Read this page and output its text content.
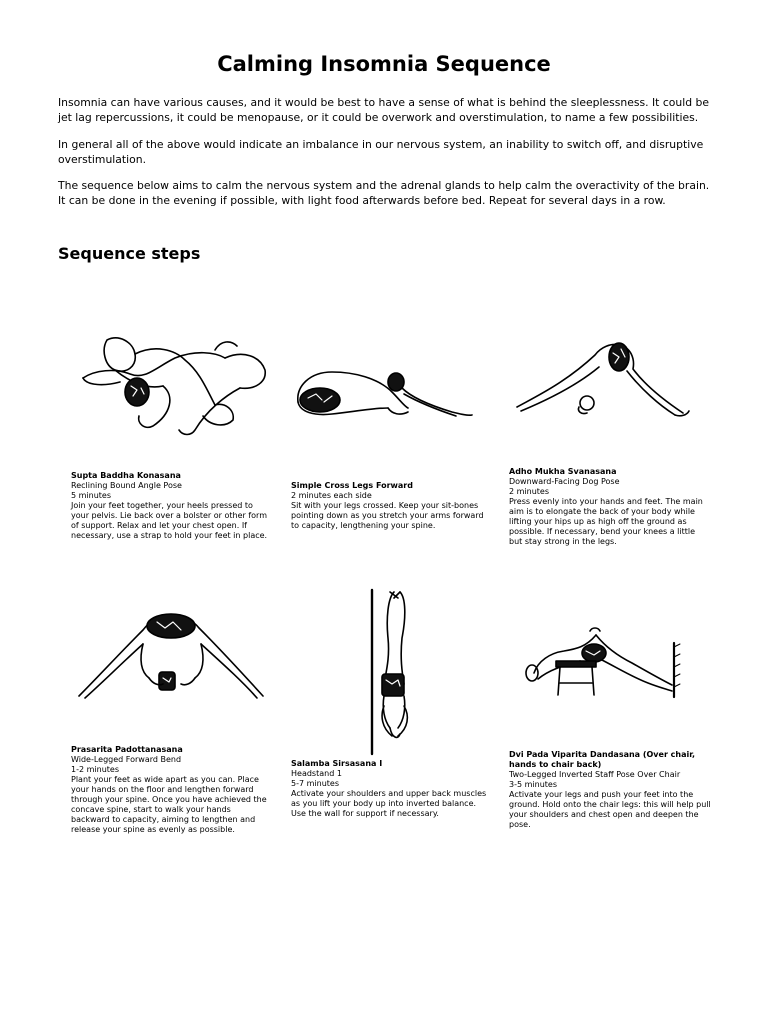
Calming Insomnia Sequence

Insomnia can have various causes, and it would be best to have a sense of what is behind the sleeplessness. It could be jet lag repercussions, it could be menopause, or it could be overwork and overstimulation, to name a few possibilities.

In general all of the above would indicate an imbalance in our nervous system, an inability to switch off, and disruptive overstimulation.

The sequence below aims to calm the nervous system and the adrenal glands to help calm the overactivity of the brain. It can be done in the evening if possible, with light food afterwards before bed. Repeat for several days in a row.

Sequence steps
Supta Baddha Konasana
Reclining Bound Angle Pose
5 minutes
Join your feet together, your heels pressed to your pelvis. Lie back over a bolster or other form of support. Relax and let your chest open. If necessary, use a strap to hold your feet in place.
Simple Cross Legs Forward
2 minutes each side
Sit with your legs crossed. Keep your sit-bones pointing down as you stretch your arms forward to capacity, lengthening your spine.
Adho Mukha Svanasana
Downward-Facing Dog Pose
2 minutes
Press evenly into your hands and feet. The main aim is to elongate the back of your body while lifting your hips up as high off the ground as possible. If necessary, bend your knees a little but stay strong in the legs.
Prasarita Padottanasana
Wide-Legged Forward Bend
1-2 minutes
Plant your feet as wide apart as you can. Place your hands on the floor and lengthen forward through your spine. Once you have achieved the concave spine, start to walk your hands backward to capacity, aiming to lengthen and release your spine as evenly as possible.
Salamba Sirsasana I
Headstand 1
5-7 minutes
Activate your shoulders and upper back muscles as you lift your body up into inverted balance. Use the wall for support if necessary.
Dvi Pada Viparita Dandasana (Over chair, hands to chair back)
Two-Legged Inverted Staff Pose Over Chair
3-5 minutes
Activate your legs and push your feet into the ground. Hold onto the chair legs: this will help pull your shoulders and chest open and deepen the pose.
